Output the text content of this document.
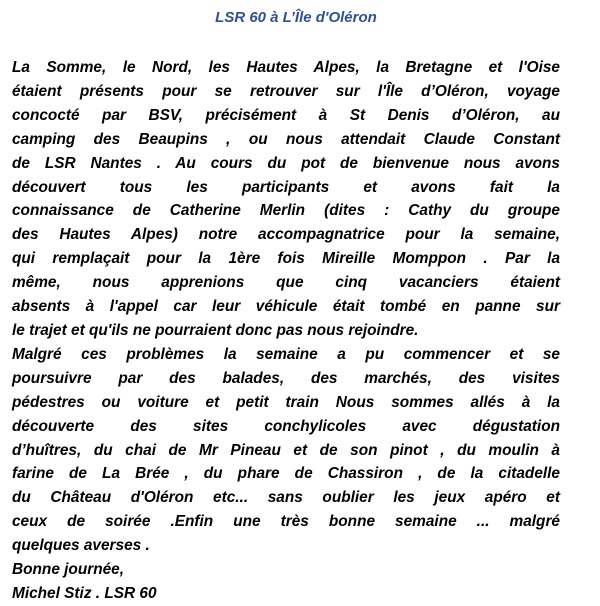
LSR 60 à L’Île d'Oléron

La Somme, le Nord, les Hautes Alpes, la Bretagne et l'Oise
étaient présents pour se retrouver sur l'Île d’Oléron, voyage
concocté par BSV, précisément à St Denis d’Oléron, au
camping des Beaupins , ou nous attendait Claude Constant
de LSR Nantes . Au cours du pot de bienvenue nous avons
découvert tous les participants et avons fait la
connaissance de Catherine Merlin (dites : Cathy du groupe
des Hautes Alpes) notre accompagnatrice pour la semaine,
qui remplaçait pour la 1ère fois Mireille Momppon . Par la
même, nous apprenions que cinq vacanciers étaient
absents à l'appel car leur véhicule était tombé en panne sur
le trajet et qu'ils ne pourraient donc pas nous rejoindre.

Malgré ces problèmes la semaine a pu commencer et se
poursuivre par des balades, des marchés, des visites
pédestres ou voiture et petit train Nous sommes allés à la
découverte des sites conchylicoles avec dégustation
d’huîtres, du chai de Mr Pineau et de son pinot , du moulin à
farine de La Brée , du phare de Chassiron , de la citadelle
du Château d'Oléron etc... sans oublier les jeux apéro et
ceux de soirée .Enfin une très bonne semaine ... malgré
quelques averses .

Bonne journée,

Michel Stiz . LSR 60
